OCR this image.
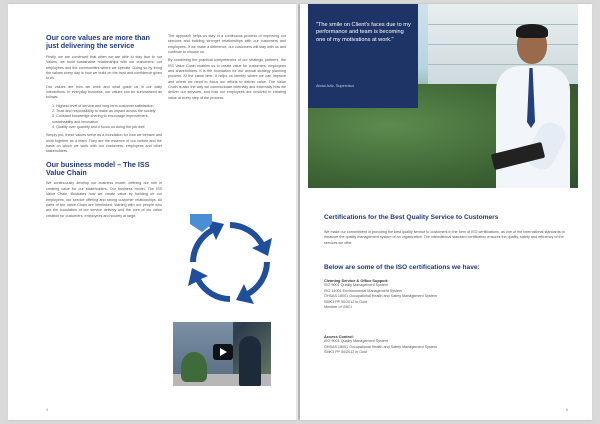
Our core values are more than just delivering the service

Firstly, we are convinced that when we are able to stay true to our Values, we build sustainable relationships with our customers, our employees and the communities where we operate. Doing so by living the values every day is how we build on the trust and confidence given to us.

Our values are how we work and what guide us in our daily interactions. In everyday business, our values can be summarized as follows:

1. Highest level of service and long-term customer satisfaction
2. Trust and responsibility to make an impact across the society
3. Constant knowledge sharing to encourage improvement, sustainability and innovation
4. Quality over quantity and a focus on doing the job well

Simply put, these values serve as a foundation for how we behave and work together as a team. They are the essence of our culture and the basis on which we work with our customers, employees and other stakeholders.

Our business model – The ISS Value Chain

We continuously develop our business model, defining our role in creating value for our stakeholders. Our business model, The ISS Value Chain, illustrates how we create value by building on our employees, our service offering and strong customer relationships. All parts of the Value Chain are interlinked, starting with our people who are the foundation of our service delivery and the core of our value creation for customers, employees and society at large.

The approach helps us stay in a continuous process of improving our services and building stronger relationships with our customers and employees. If we make a difference, our customers will stay with us and continue to choose us.

By combining the practical competences of our strategic partners, the ISS Value Chain enables us to create value for customers, employees and shareholders. It is the foundation for our annual strategy planning process. At the same time, it helps us identify where we can improve and where we need to focus our efforts to deliver value. The Value Chain is also the way we communicate internally and externally how we deliver our services, and how our employees are involved in creating value at every step of the process.

4
"The smile on Client's faces due to my performance and team is becoming one of my motivations at work."
Abdul Aziz, Supervisor
Certifications for the Best Quality Service to Customers
We make our commitment in providing the best quality service to customers in the form of ISO certifications, as one of the international standards to measure the quality management system of an organization. The international standard certification ensures the quality, safety and efficiency of the services we offer.
Below are some of the ISO certifications we have:
Cleaning Service & Office Support:
ISO 9001 Quality Management System
ISO 14001 Environmental Management System
OHSAS 18001 Occupational Health and Safety Management System
SMK3 PP 50/2012 in Gold
Member of GBCI
Access Control:
ISO 9001 Quality Management System
OHSAS 18001 Occupational Health and Safety Management System
SMK3 PP 50/2012 in Gold
5
